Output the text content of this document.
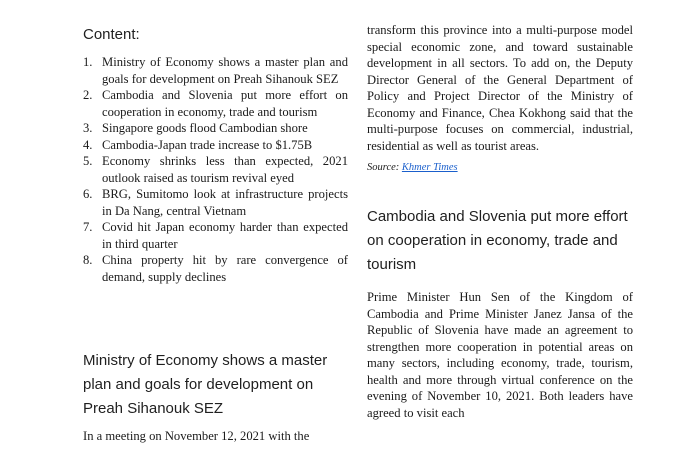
Content:
1. Ministry of Economy shows a master plan and goals for development on Preah Sihanouk SEZ
2. Cambodia and Slovenia put more effort on cooperation in economy, trade and tourism
3. Singapore goods flood Cambodian shore
4. Cambodia-Japan trade increase to $1.75B
5. Economy shrinks less than expected, 2021 outlook raised as tourism revival eyed
6. BRG, Sumitomo look at infrastructure projects in Da Nang, central Vietnam
7. Covid hit Japan economy harder than expected in third quarter
8. China property hit by rare convergence of demand, supply declines
Ministry of Economy shows a master plan and goals for development on Preah Sihanouk SEZ

In a meeting on November 12, 2021 with the

transform this province into a multi-purpose model special economic zone, and toward sustainable development in all sectors. To add on, the Deputy Director General of the General Department of Policy and Project Director of the Ministry of Economy and Finance, Chea Kokhong said that the multi-purpose focuses on commercial, industrial, residential as well as tourist areas.

Source: Khmer Times

Cambodia and Slovenia put more effort on cooperation in economy, trade and tourism

Prime Minister Hun Sen of the Kingdom of Cambodia and Prime Minister Janez Jansa of the Republic of Slovenia have made an agreement to strengthen more cooperation in potential areas on many sectors, including economy, trade, tourism, health and more through virtual conference on the evening of November 10, 2021. Both leaders have agreed to visit each
